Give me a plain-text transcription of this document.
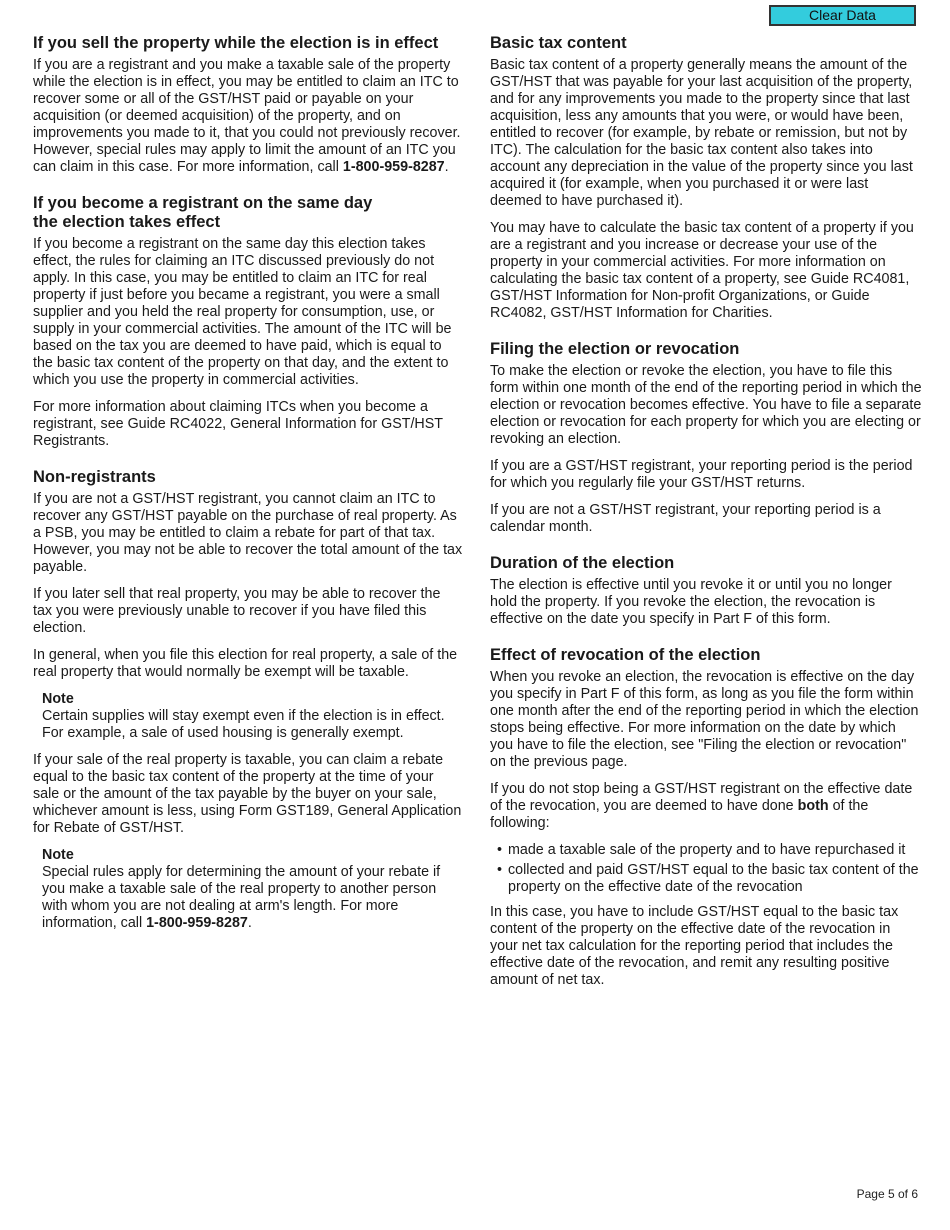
Clear Data
If you sell the property while the election is in effect

If you are a registrant and you make a taxable sale of the property while the election is in effect, you may be entitled to claim an ITC to recover some or all of the GST/HST paid or payable on your acquisition (or deemed acquisition) of the property, and on improvements you made to it, that you could not previously recover. However, special rules may apply to limit the amount of an ITC you can claim in this case. For more information, call 1-800-959-8287.

If you become a registrant on the same day
the election takes effect

If you become a registrant on the same day this election takes effect, the rules for claiming an ITC discussed previously do not apply. In this case, you may be entitled to claim an ITC for real property if just before you became a registrant, you were a small supplier and you held the real property for consumption, use, or supply in your commercial activities. The amount of the ITC will be based on the tax you are deemed to have paid, which is equal to the basic tax content of the property on that day, and the extent to which you use the property in commercial activities.

For more information about claiming ITCs when you become a registrant, see Guide RC4022, General Information for GST/HST Registrants.

Non-registrants

If you are not a GST/HST registrant, you cannot claim an ITC to recover any GST/HST payable on the purchase of real property. As a PSB, you may be entitled to claim a rebate for part of that tax. However, you may not be able to recover the total amount of the tax payable.

If you later sell that real property, you may be able to recover the tax you were previously unable to recover if you have filed this election.

In general, when you file this election for real property, a sale of the real property that would normally be exempt will be taxable.

Note

Certain supplies will stay exempt even if the election is in effect. For example, a sale of used housing is generally exempt.

If your sale of the real property is taxable, you can claim a rebate equal to the basic tax content of the property at the time of your sale or the amount of the tax payable by the buyer on your sale, whichever amount is less, using Form GST189, General Application for Rebate of GST/HST.

Note

Special rules apply for determining the amount of your rebate if you make a taxable sale of the real property to another person with whom you are not dealing at arm's length. For more information, call 1-800-959-8287.

Basic tax content

Basic tax content of a property generally means the amount of the GST/HST that was payable for your last acquisition of the property, and for any improvements you made to the property since that last acquisition, less any amounts that you were, or would have been, entitled to recover (for example, by rebate or remission, but not by ITC). The calculation for the basic tax content also takes into account any depreciation in the value of the property since you last acquired it (for example, when you purchased it or were last deemed to have purchased it).

You may have to calculate the basic tax content of a property if you are a registrant and you increase or decrease your use of the property in your commercial activities. For more information on calculating the basic tax content of a property, see Guide RC4081, GST/HST Information for Non-profit Organizations, or Guide RC4082, GST/HST Information for Charities.

Filing the election or revocation

To make the election or revoke the election, you have to file this form within one month of the end of the reporting period in which the election or revocation becomes effective. You have to file a separate election or revocation for each property for which you are electing or revoking an election.

If you are a GST/HST registrant, your reporting period is the period for which you regularly file your GST/HST returns.

If you are not a GST/HST registrant, your reporting period is a calendar month.

Duration of the election

The election is effective until you revoke it or until you no longer hold the property. If you revoke the election, the revocation is effective on the date you specify in Part F of this form.

Effect of revocation of the election

When you revoke an election, the revocation is effective on the day you specify in Part F of this form, as long as you file the form within one month after the end of the reporting period in which the election stops being effective. For more information on the date by which you have to file the election, see "Filing the election or revocation" on the previous page.

If you do not stop being a GST/HST registrant on the effective date of the revocation, you are deemed to have done both of the following:

• made a taxable sale of the property and to have repurchased it
• collected and paid GST/HST equal to the basic tax content of the property on the effective date of the revocation

In this case, you have to include GST/HST equal to the basic tax content of the property on the effective date of the revocation in your net tax calculation for the reporting period that includes the effective date of the revocation, and remit any resulting positive amount of net tax.

Page 5 of 6
